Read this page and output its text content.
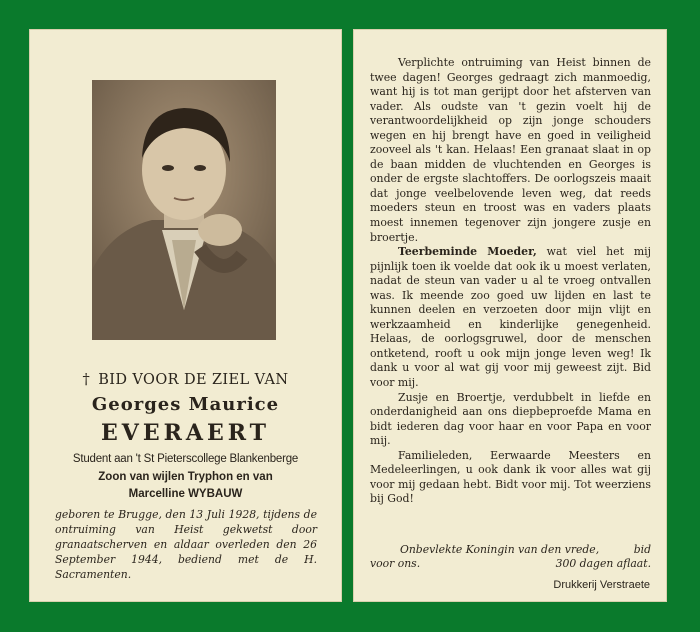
† BID VOOR DE ZIEL VAN
Georges Maurice
EVERAERT
Student aan 't St Pieterscollege Blankenberge
Zoon van wijlen Tryphon en van
Marcelline WYBAUW
geboren te Brugge, den 13 Juli 1928, tijdens de ontruiming van Heist gekwetst door granaatscherven en aldaar overleden den 26 September 1944, bediend met de H. Sacramenten.

Verplichte ontruiming van Heist binnen de twee dagen! Georges gedraagt zich manmoedig, want hij is tot man gerijpt door het afsterven van vader. Als oudste van 't gezin voelt hij de verantwoordelijkheid op zijn jonge schouders wegen en hij brengt have en goed in veiligheid zooveel als 't kan. Helaas! Een granaat slaat in op de baan midden de vluchtenden en Georges is onder de ergste slachtoffers. De oorlogszeis maait dat jonge veelbelovende leven weg, dat reeds moeders steun en troost was en vaders plaats moest innemen tegenover zijn jongere zusje en broertje.

Teerbeminde Moeder, wat viel het mij pijnlijk toen ik voelde dat ook ik u moest verlaten, nadat de steun van vader u al te vroeg ontvallen was. Ik meende zoo goed uw lijden en last te kunnen deelen en verzoeten door mijn vlijt en werkzaamheid en kinderlijke genegenheid. Helaas, de oorlogsgruwel, door de menschen ontketend, rooft u ook mijn jonge leven weg! Ik dank u voor al wat gij voor mij geweest zijt. Bid voor mij.

Zusje en Broertje, verdubbelt in liefde en onderdanigheid aan ons diepbeproefde Mama en bidt iederen dag voor haar en voor Papa en voor mij.

Familieleden, Eerwaarde Meesters en Medeleerlingen, u ook dank ik voor alles wat gij voor mij gedaan hebt. Bidt voor mij. Tot weerziens bij God!

Onbevlekte Koningin van den vrede,	bid
voor ons.	300 dagen aflaat.
Drukkerij Verstraete
